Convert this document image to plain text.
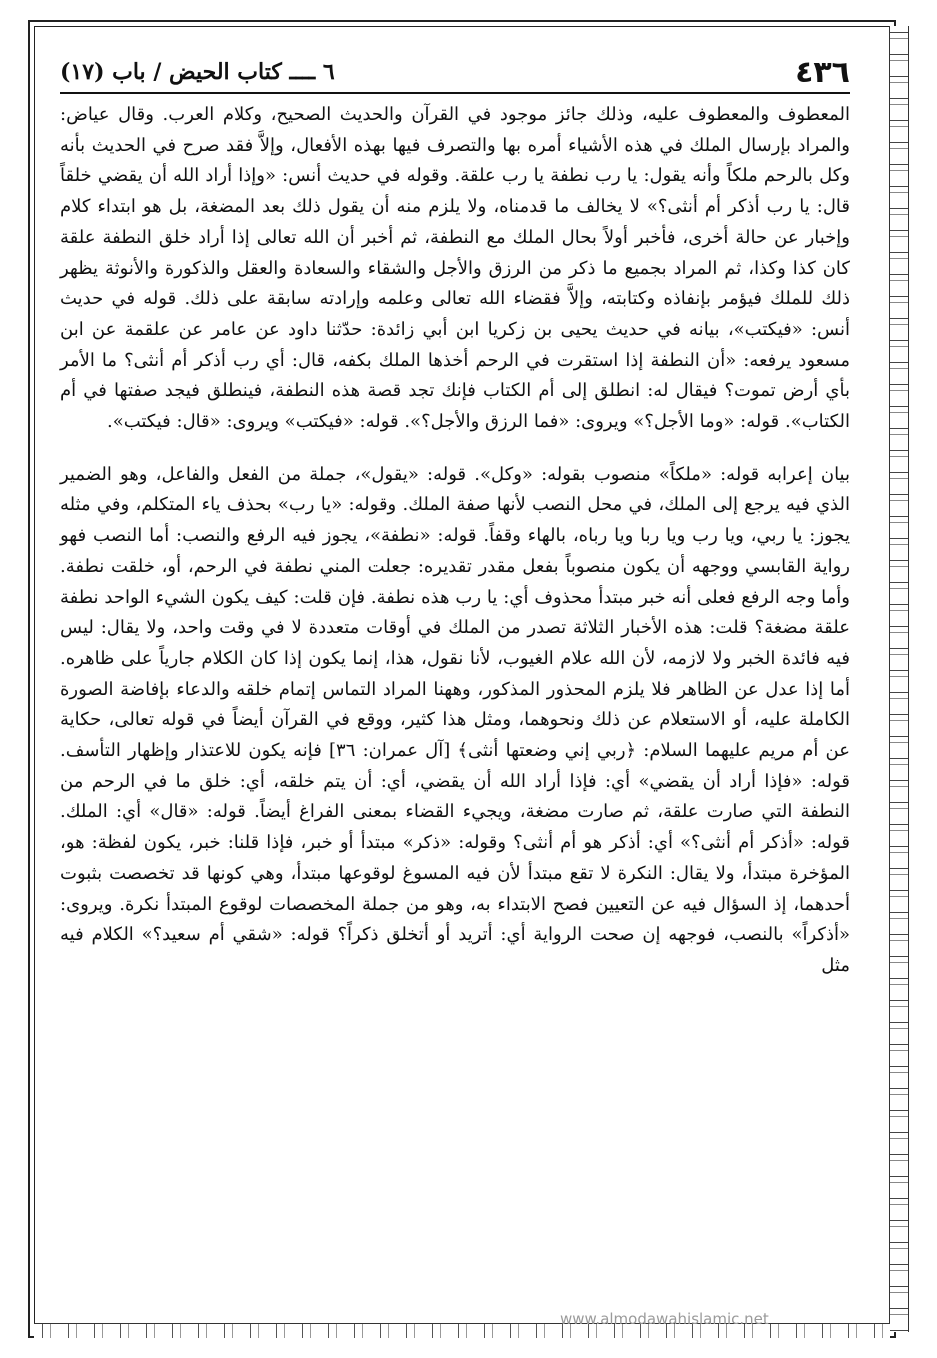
٤٣٦
٦ ــــ كتاب الحيض / باب (١٧)

المعطوف والمعطوف عليه، وذلك جائز موجود في القرآن والحديث الصحيح، وكلام العرب. وقال عياض: والمراد بإرسال الملك في هذه الأشياء أمره بها والتصرف فيها بهذه الأفعال، وإلاَّ فقد صرح في الحديث بأنه وكل بالرحم ملكاً وأنه يقول: يا رب نطفة يا رب علقة. وقوله في حديث أنس: «وإذا أراد الله أن يقضي خلقاً قال: يا رب أذكر أم أنثى؟» لا يخالف ما قدمناه، ولا يلزم منه أن يقول ذلك بعد المضغة، بل هو ابتداء كلام وإخبار عن حالة أخرى، فأخبر أولاً بحال الملك مع النطفة، ثم أخبر أن الله تعالى إذا أراد خلق النطفة علقة كان كذا وكذا، ثم المراد بجميع ما ذكر من الرزق والأجل والشقاء والسعادة والعقل والذكورة والأنوثة يظهر ذلك للملك فيؤمر بإنفاذه وكتابته، وإلاَّ فقضاء الله تعالى وعلمه وإرادته سابقة على ذلك. قوله في حديث أنس: «فيكتب»، بيانه في حديث يحيى بن زكريا ابن أبي زائدة: حدّثنا داود عن عامر عن علقمة عن ابن مسعود يرفعه: «أن النطفة إذا استقرت في الرحم أخذها الملك بكفه، قال: أي رب أذكر أم أنثى؟ ما الأمر بأي أرض تموت؟ فيقال له: انطلق إلى أم الكتاب فإنك تجد قصة هذه النطفة، فينطلق فيجد صفتها في أم الكتاب». قوله: «وما الأجل؟» ويروى: «فما الرزق والأجل؟». قوله: «فيكتب» ويروى: «قال: فيكتب».

بيان إعرابه قوله: «ملكاً» منصوب بقوله: «وكل». قوله: «يقول»، جملة من الفعل والفاعل، وهو الضمير الذي فيه يرجع إلى الملك، في محل النصب لأنها صفة الملك. وقوله: «يا رب» بحذف ياء المتكلم، وفي مثله يجوز: يا ربي، ويا رب ويا ربا ويا رباه، بالهاء وقفاً. قوله: «نطفة»، يجوز فيه الرفع والنصب: أما النصب فهو رواية القابسي ووجهه أن يكون منصوباً بفعل مقدر تقديره: جعلت المني نطفة في الرحم، أو، خلقت نطفة. وأما وجه الرفع فعلى أنه خبر مبتدأ محذوف أي: يا رب هذه نطفة. فإن قلت: كيف يكون الشيء الواحد نطفة علقة مضغة؟ قلت: هذه الأخبار الثلاثة تصدر من الملك في أوقات متعددة لا في وقت واحد، ولا يقال: ليس فيه فائدة الخبر ولا لازمه، لأن الله علام الغيوب، لأنا نقول، هذا، إنما يكون إذا كان الكلام جارياً على ظاهره. أما إذا عدل عن الظاهر فلا يلزم المحذور المذكور، وههنا المراد التماس إتمام خلقه والدعاء بإفاضة الصورة الكاملة عليه، أو الاستعلام عن ذلك ونحوهما، ومثل هذا كثير، ووقع في القرآن أيضاً في قوله تعالى، حكاية عن أم مريم عليهما السلام: ﴿ربي إني وضعتها أنثى﴾ [آل عمران: ٣٦] فإنه يكون للاعتذار وإظهار التأسف. قوله: «فإذا أراد أن يقضي» أي: فإذا أراد الله أن يقضي، أي: أن يتم خلقه، أي: خلق ما في الرحم من النطفة التي صارت علقة، ثم صارت مضغة، ويجيء القضاء بمعنى الفراغ أيضاً. قوله: «قال» أي: الملك. قوله: «أذكر أم أنثى؟» أي: أذكر هو أم أنثى؟ وقوله: «ذكر» مبتدأ أو خبر، فإذا قلنا: خبر، يكون لفظة: هو، المؤخرة مبتدأ، ولا يقال: النكرة لا تقع مبتدأ لأن فيه المسوغ لوقوعها مبتدأ، وهي كونها قد تخصصت بثبوت أحدهما، إذ السؤال فيه عن التعيين فصح الابتداء به، وهو من جملة المخصصات لوقوع المبتدأ نكرة. ويروى: «أذكراً» بالنصب، فوجهه إن صحت الرواية أي: أتريد أو أتخلق ذكراً؟ قوله: «شقي أم سعيد؟» الكلام فيه مثل

www.almodawahislamic.net
